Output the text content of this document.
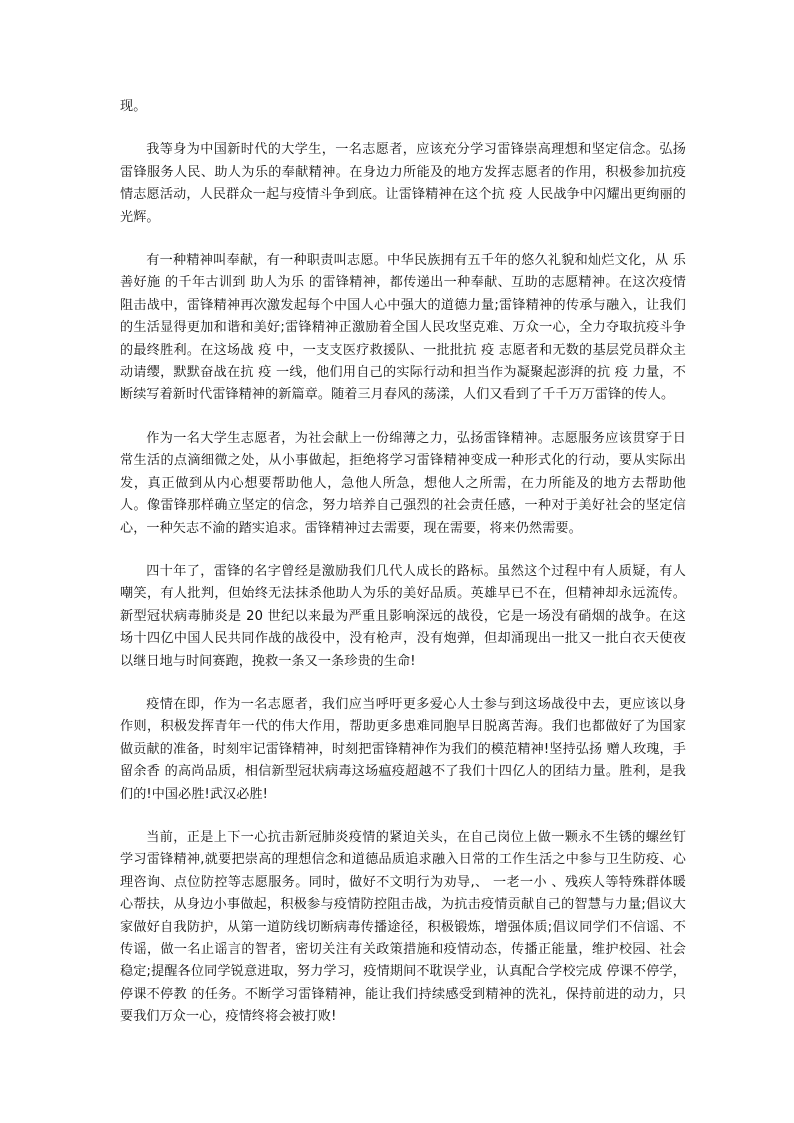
现。

我等身为中国新时代的大学生，一名志愿者，应该充分学习雷锋崇高理想和坚定信念。弘扬雷锋服务人民、助人为乐的奉献精神。在身边力所能及的地方发挥志愿者的作用，积极参加抗疫情志愿活动，人民群众一起与疫情斗争到底。让雷锋精神在这个抗 疫 人民战争中闪耀出更绚丽的光辉。

有一种精神叫奉献，有一种职责叫志愿。中华民族拥有五千年的悠久礼貌和灿烂文化，从 乐善好施 的千年古训到 助人为乐 的雷锋精神，都传递出一种奉献、互助的志愿精神。在这次疫情阻击战中，雷锋精神再次激发起每个中国人心中强大的道德力量;雷锋精神的传承与融入，让我们的生活显得更加和谐和美好;雷锋精神正激励着全国人民攻坚克难、万众一心，全力夺取抗疫斗争的最终胜利。在这场战 疫 中，一支支医疗救援队、一批批抗 疫 志愿者和无数的基层党员群众主动请缨，默默奋战在抗 疫 一线，他们用自己的实际行动和担当作为凝聚起澎湃的抗 疫 力量，不断续写着新时代雷锋精神的新篇章。随着三月春风的荡漾，人们又看到了千千万万雷锋的传人。

作为一名大学生志愿者，为社会献上一份绵薄之力，弘扬雷锋精神。志愿服务应该贯穿于日常生活的点滴细微之处，从小事做起，拒绝将学习雷锋精神变成一种形式化的行动，要从实际出发，真正做到从内心想要帮助他人，急他人所急，想他人之所需，在力所能及的地方去帮助他人。像雷锋那样确立坚定的信念，努力培养自己强烈的社会责任感，一种对于美好社会的坚定信心，一种矢志不渝的踏实追求。雷锋精神过去需要，现在需要，将来仍然需要。

四十年了，雷锋的名字曾经是激励我们几代人成长的路标。虽然这个过程中有人质疑，有人嘲笑，有人批判，但始终无法抹杀他助人为乐的美好品质。英雄早已不在，但精神却永远流传。新型冠状病毒肺炎是 20 世纪以来最为严重且影响深远的战役，它是一场没有硝烟的战争。在这场十四亿中国人民共同作战的战役中，没有枪声，没有炮弹，但却涌现出一批又一批白衣天使夜以继日地与时间赛跑，挽救一条又一条珍贵的生命!

疫情在即，作为一名志愿者，我们应当呼吁更多爱心人士参与到这场战役中去，更应该以身作则，积极发挥青年一代的伟大作用，帮助更多患难同胞早日脱离苦海。我们也都做好了为国家做贡献的准备，时刻牢记雷锋精神，时刻把雷锋精神作为我们的模范精神!坚持弘扬 赠人玫瑰，手留余香 的高尚品质，相信新型冠状病毒这场瘟疫超越不了我们十四亿人的团结力量。胜利，是我们的!中国必胜!武汉必胜!

当前，正是上下一心抗击新冠肺炎疫情的紧迫关头，在自己岗位上做一颗永不生锈的螺丝钉学习雷锋精神,就要把崇高的理想信念和道德品质追求融入日常的工作生活之中参与卫生防疫、心理咨询、点位防控等志愿服务。同时，做好不文明行为劝导,、 一老一小 、残疾人等特殊群体暖心帮扶，从身边小事做起，积极参与疫情防控阻击战，为抗击疫情贡献自己的智慧与力量;倡议大家做好自我防护，从第一道防线切断病毒传播途径，积极锻炼，增强体质;倡议同学们不信谣、不传谣，做一名止谣言的智者，密切关注有关政策措施和疫情动态，传播正能量，维护校园、社会稳定;提醒各位同学锐意进取，努力学习，疫情期间不耽误学业，认真配合学校完成 停课不停学，停课不停教 的任务。不断学习雷锋精神，能让我们持续感受到精神的洗礼，保持前进的动力，只要我们万众一心，疫情终将会被打败!
